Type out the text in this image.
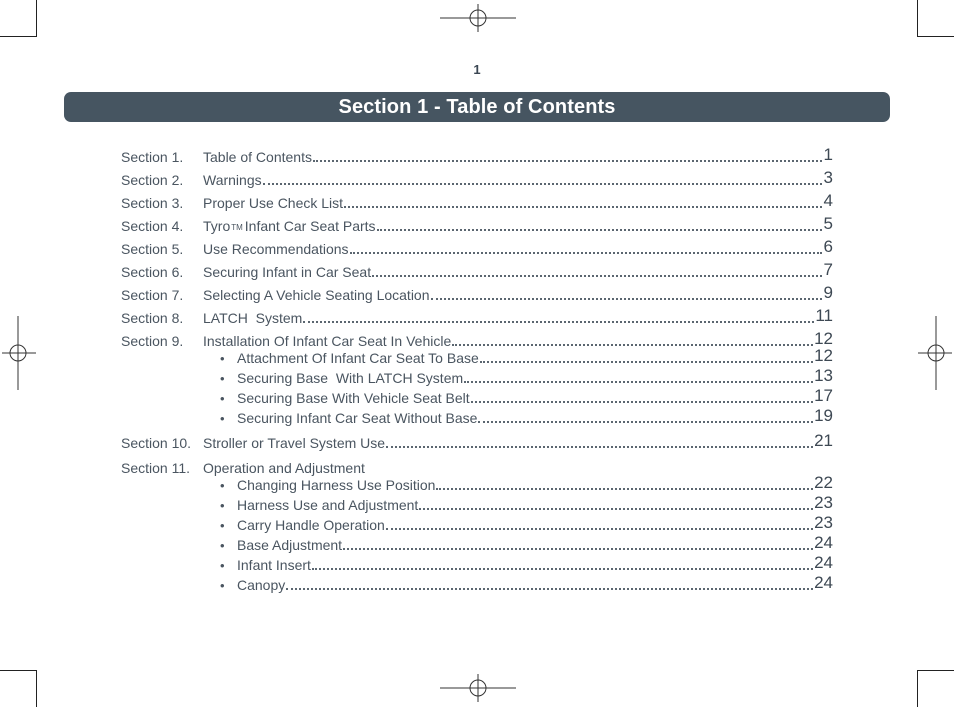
1
Section 1 - Table of Contents
Section 1.	Table of Contents	1
Section 2.	Warnings	3
Section 3.	Proper Use Check List	4
Section 4.	TyroTM Infant Car Seat Parts	5
Section 5.	Use Recommendations	6
Section 6.	Securing Infant in Car Seat	7
Section 7.	Selecting A Vehicle Seating Location	9
Section 8.	LATCH  System	11
Section 9.	Installation Of Infant Car Seat In Vehicle	12
• Attachment Of Infant Car Seat To Base	12
• Securing Base  With LATCH System	13
• Securing Base With Vehicle Seat Belt	17
• Securing Infant Car Seat Without Base	19
Section 10. Stroller or Travel System Use	21
Section 11. Operation and Adjustment
• Changing Harness Use Position	22
• Harness Use and Adjustment	23
• Carry Handle Operation	23
• Base Adjustment	24
• Infant Insert	24
• Canopy	24
